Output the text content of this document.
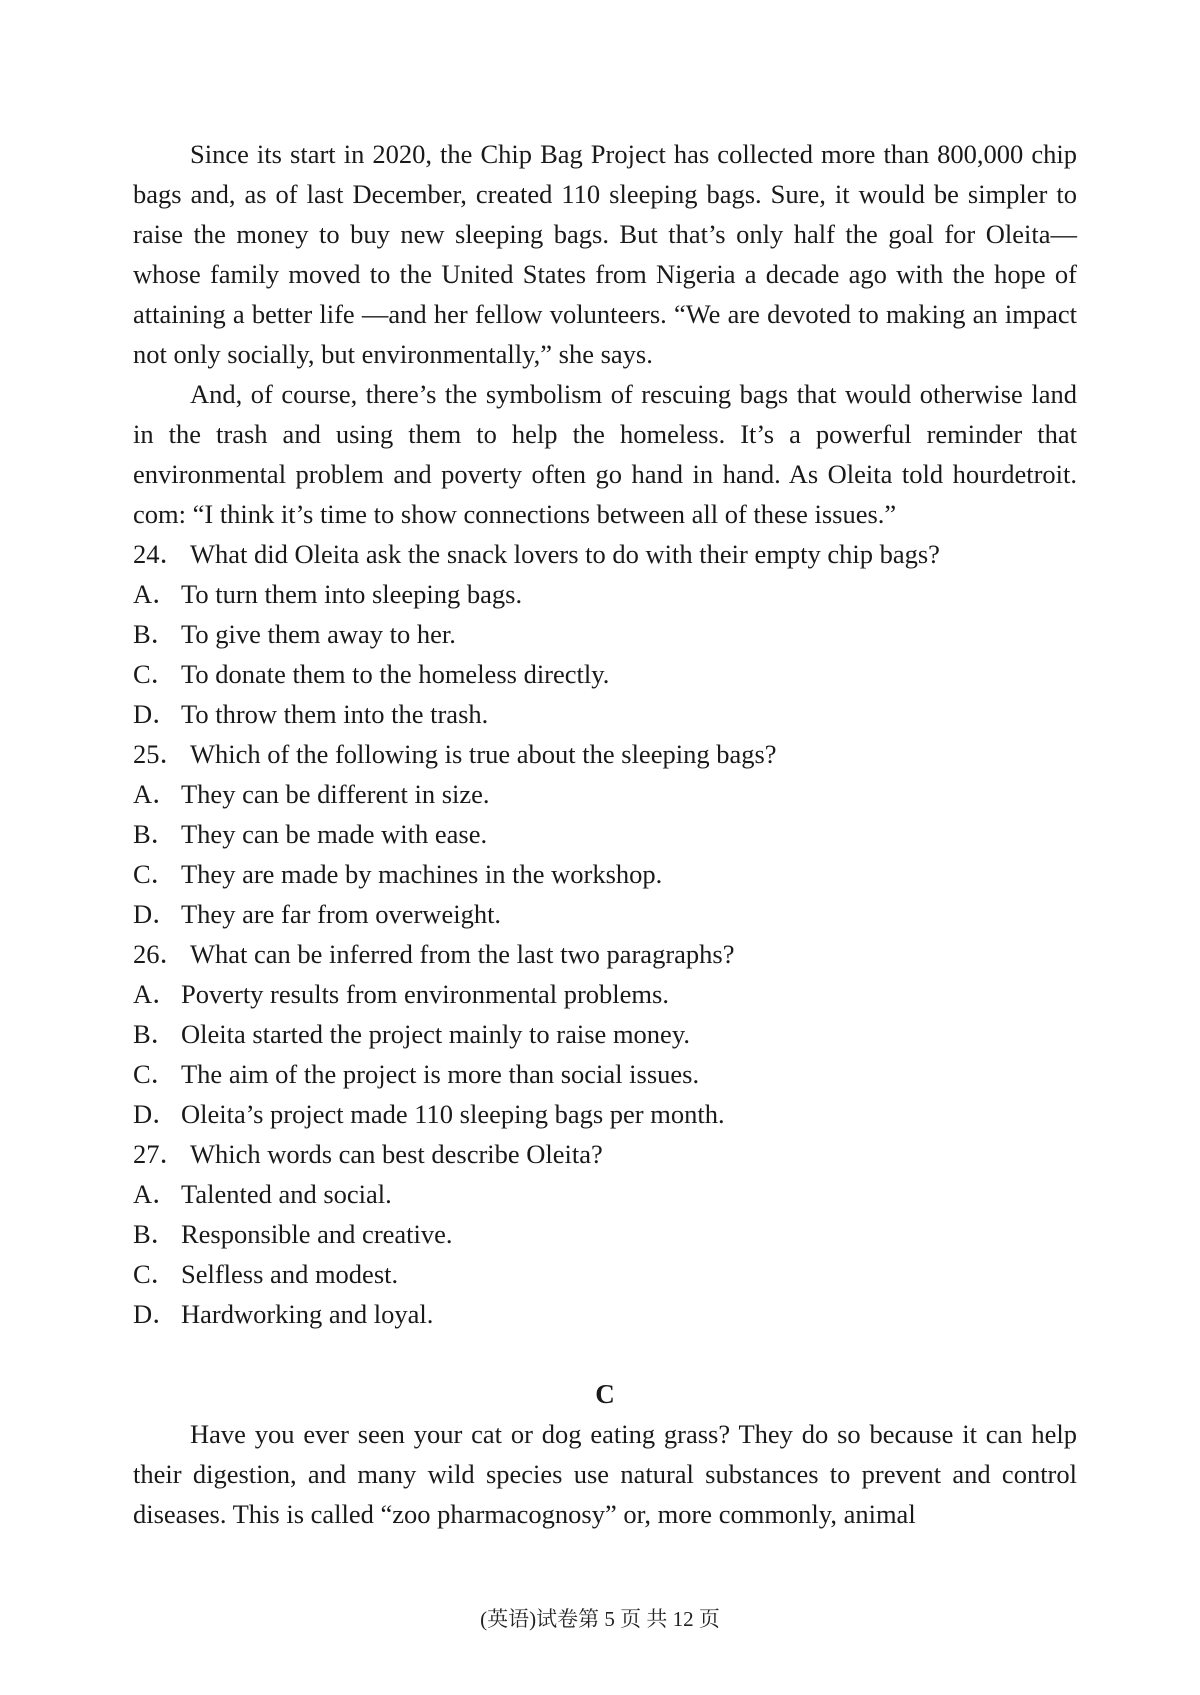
Since its start in 2020, the Chip Bag Project has collected more than 800,000 chip bags and, as of last December, created 110 sleeping bags. Sure, it would be simpler to raise the money to buy new sleeping bags. But that’s only half the goal for Oleita—whose family moved to the United States from Nigeria a decade ago with the hope of attaining a better life —and her fellow volunteers. “We are devoted to making an impact not only socially, but environmentally,” she says.

And, of course, there’s the symbolism of rescuing bags that would otherwise land in the trash and using them to help the homeless. It’s a powerful reminder that environmental problem and poverty often go hand in hand. As Oleita told hourdetroit. com: “I think it’s time to show connections between all of these issues.”

24． What did Oleita ask the snack lovers to do with their empty chip bags?

A．To turn them into sleeping bags.

B． To give them away to her.

C． To donate them to the homeless directly.

D．To throw them into the trash.

25． Which of the following is true about the sleeping bags?

A．They can be different in size.

B． They can be made with ease.

C． They are made by machines in the workshop.

D．They are far from overweight.

26． What can be inferred from the last two paragraphs?

A．Poverty results from environmental problems.

B． Oleita started the project mainly to raise money.

C． The aim of the project is more than social issues.

D．Oleita’s project made 110 sleeping bags per month.

27． Which words can best describe Oleita?

A．Talented and social.

B． Responsible and creative.

C． Selfless and modest.

D．Hardworking and loyal.

C

Have you ever seen your cat or dog eating grass? They do so because it can help their digestion, and many wild species use natural substances to prevent and control diseases. This is called “zoo pharmacognosy” or, more commonly, animal

(英语)试卷第 5 页 共 12 页
